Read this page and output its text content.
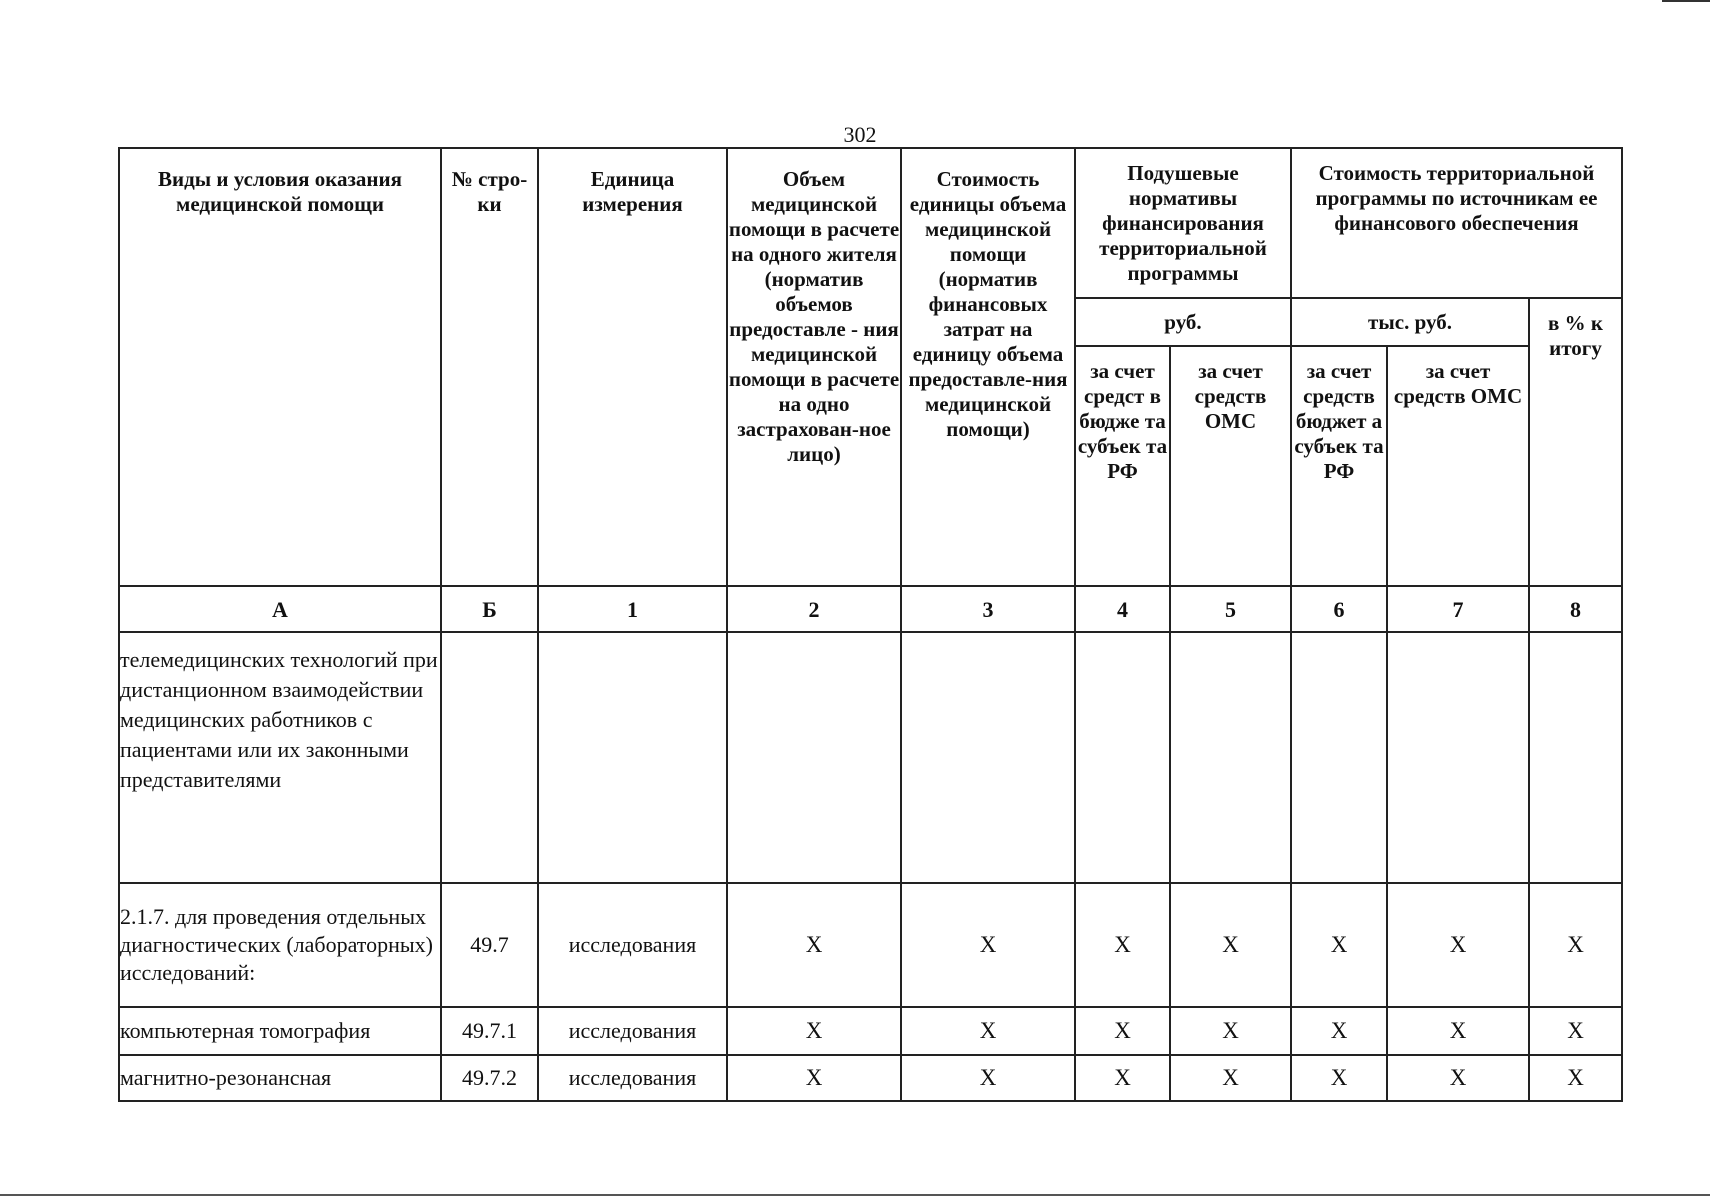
302
Виды и условия оказания медицинской помощи	№ стро-ки	Единица измерения	Объем медицинской помощи в расчете на одного жителя (норматив объемов предоставле - ния медицинской помощи в расчете на одно застрахован-ное лицо)	Стоимость единицы объема медицинской помощи (норматив финансовых затрат на единицу объема предоставле-ния медицинской помощи)	Подушевые нормативы финансирования территориальной программы		Стоимость территориальной программы по источникам ее финансового обеспечения		

					руб.		тыс. руб.		в % к итогу

					за счет средст в бюдже та субъек та РФ	за счет средств ОМС	за счет средств бюджет а субъек та РФ	за счет средств ОМС	

А	Б	1	2	3	4	5	6	7	8
телемедицинских технологий при дистанционном взаимодействии медицинских работников с пациентами или их законными представителями									
2.1.7. для проведения отдельных диагностических (лабораторных) исследований:	49.7	исследования	X	X	X	X	X	X	X
компьютерная томография	49.7.1	исследования	X	X	X	X	X	X	X
магнитно-резонансная	49.7.2	исследования	X	X	X	X	X	X	X
